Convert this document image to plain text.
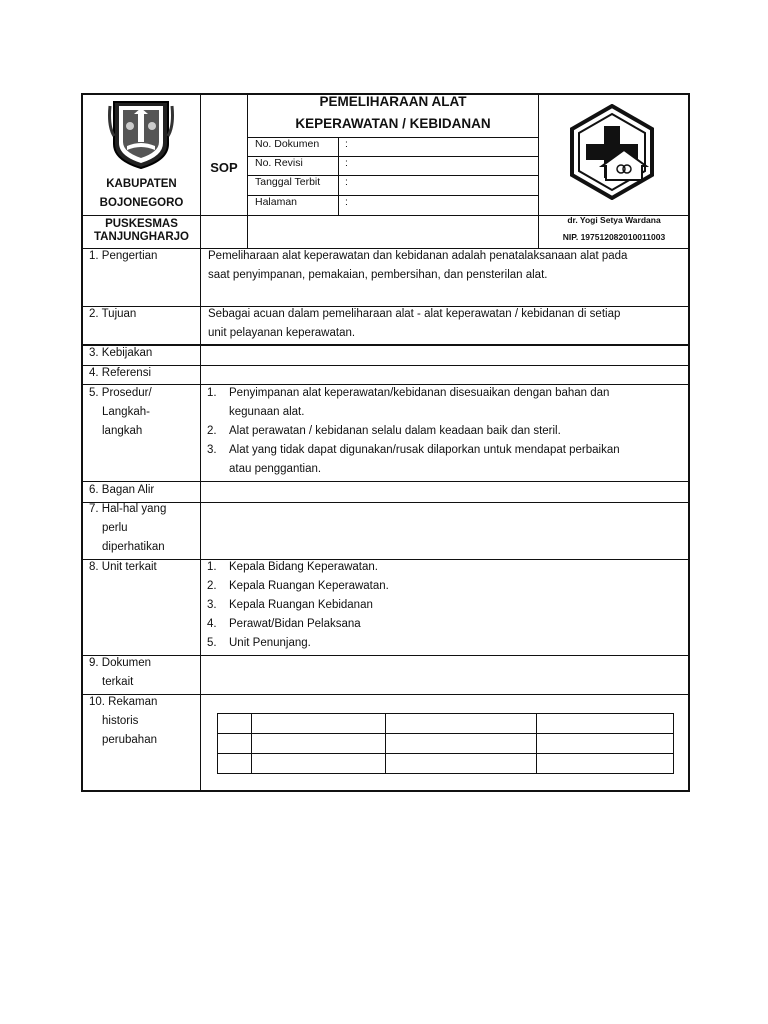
KABUPATEN
BOJONEGORO
PUSKESMAS
TANJUNGHARJO
SOP
PEMELIHARAAN ALAT
KEPERAWATAN / KEBIDANAN
No. Dokumen :
No. Revisi	:
Tanggal Terbit :
Halaman	:
dr. Yogi Setya Wardana
NIP. 197512082010011003
1. Pengertian	Pemeliharaan alat keperawatan dan kebidanan adalah penatalaksanaan alat pada
saat penyimpanan, pemakaian, pembersihan, dan pensterilan alat.
2. Tujuan	Sebagai acuan dalam pemeliharaan alat - alat keperawatan / kebidanan di setiap
unit pelayanan keperawatan.
3. Kebijakan
4. Referensi
5. Prosedur/
Langkah-
langkah
1. Penyimpanan alat keperawatan/kebidanan disesuaikan dengan bahan dan
kegunaan alat.
2. Alat perawatan / kebidanan selalu dalam keadaan baik dan steril.
3. Alat yang tidak dapat digunakan/rusak dilaporkan untuk mendapat perbaikan
atau penggantian.
6. Bagan Alir
7. Hal-hal yang
perlu
diperhatikan
8. Unit terkait	1. Kepala Bidang Keperawatan.
2. Kepala Ruangan Keperawatan.
3. Kepala Ruangan Kebidanan
4. Perawat/Bidan Pelaksana
5. Unit Penunjang.
9. Dokumen
terkait
10. Rekaman
historis
perubahan
